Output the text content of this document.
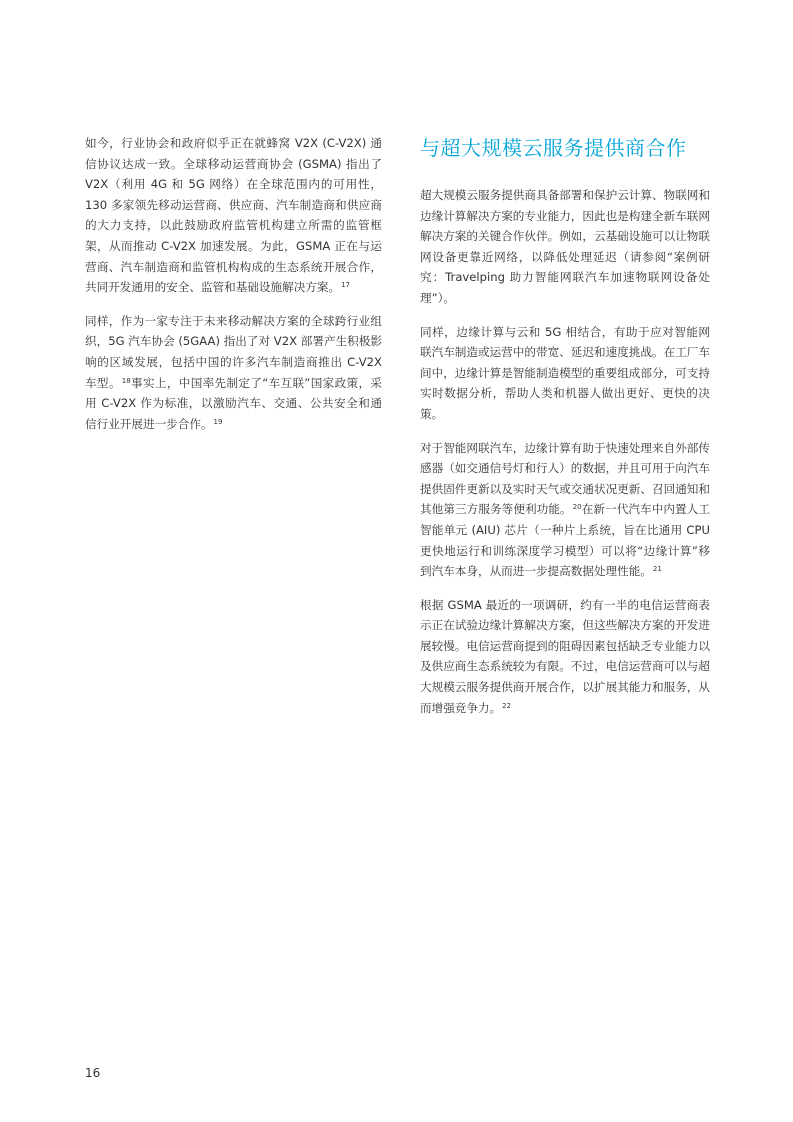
如今，行业协会和政府似乎正在就蜂窝 V2X (C-V2X) 通信协议达成一致。全球移动运营商协会 (GSMA) 指出了 V2X（利用 4G 和 5G 网络）在全球范围内的可用性，130 多家领先移动运营商、供应商、汽车制造商和供应商的大力支持，以此鼓励政府监管机构建立所需的监管框架，从而推动 C-V2X 加速发展。为此，GSMA 正在与运营商、汽车制造商和监管机构构成的生态系统开展合作，共同开发通用的安全、监管和基础设施解决方案。$^{17}$

同样，作为一家专注于未来移动解决方案的全球跨行业组织，5G 汽车协会 (5GAA) 指出了对 V2X 部署产生积极影响的区域发展，包括中国的许多汽车制造商推出 C-V2X 车型。$^{18}$事实上，中国率先制定了“车互联”国家政策，采用 C-V2X 作为标准，以激励汽车、交通、公共安全和通信行业开展进一步合作。$^{19}$

与超大规模云服务提供商合作

超大规模云服务提供商具备部署和保护云计算、物联网和边缘计算解决方案的专业能力，因此也是构建全新车联网解决方案的关键合作伙伴。例如，云基础设施可以让物联网设备更靠近网络，以降低处理延迟（请参阅“案例研究：Travelping 助力智能网联汽车加速物联网设备处理”）。

同样，边缘计算与云和 5G 相结合，有助于应对智能网联汽车制造或运营中的带宽、延迟和速度挑战。在工厂车间中，边缘计算是智能制造模型的重要组成部分，可支持实时数据分析，帮助人类和机器人做出更好、更快的决策。

对于智能网联汽车，边缘计算有助于快速处理来自外部传感器（如交通信号灯和行人）的数据，并且可用于向汽车提供固件更新以及实时天气或交通状况更新、召回通知和其他第三方服务等便利功能。$^{20}$在新一代汽车中内置人工智能单元 (AIU) 芯片（一种片上系统，旨在比通用 CPU 更快地运行和训练深度学习模型）可以将“边缘计算”移到汽车本身，从而进一步提高数据处理性能。$^{21}$

根据 GSMA 最近的一项调研，约有一半的电信运营商表示正在试验边缘计算解决方案，但这些解决方案的开发进展较慢。电信运营商提到的阻碍因素包括缺乏专业能力以及供应商生态系统较为有限。不过，电信运营商可以与超大规模云服务提供商开展合作，以扩展其能力和服务，从而增强竞争力。$^{22}$

16
